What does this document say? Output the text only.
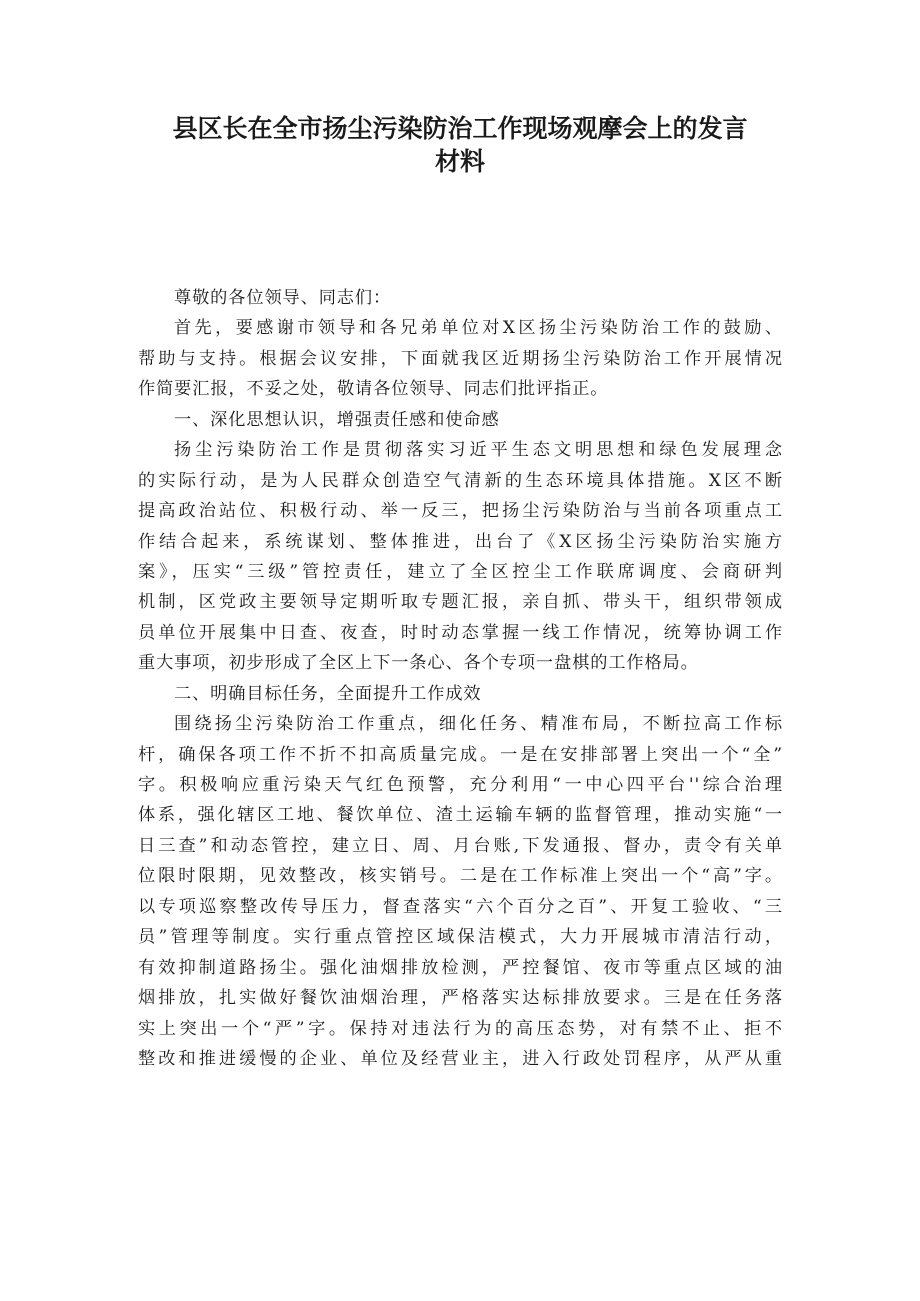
县区长在全市扬尘污染防治工作现场观摩会上的发言
材料
尊敬的各位领导、同志们：
首先，要感谢市领导和各兄弟单位对X区扬尘污染防治工作的鼓励、
帮助与支持。根据会议安排，下面就我区近期扬尘污染防治工作开展情况
作简要汇报，不妥之处，敬请各位领导、同志们批评指正。
一、深化思想认识，增强责任感和使命感
扬尘污染防治工作是贯彻落实习近平生态文明思想和绿色发展理念
的实际行动，是为人民群众创造空气清新的生态环境具体措施。X区不断
提高政治站位、积极行动、举一反三，把扬尘污染防治与当前各项重点工
作结合起来，系统谋划、整体推进，出台了《X区扬尘污染防治实施方
案》，压实“三级”管控责任，建立了全区控尘工作联席调度、会商研判
机制，区党政主要领导定期听取专题汇报，亲自抓、带头干，组织带领成
员单位开展集中日查、夜查，时时动态掌握一线工作情况，统筹协调工作
重大事项，初步形成了全区上下一条心、各个专项一盘棋的工作格局。
二、明确目标任务，全面提升工作成效
围绕扬尘污染防治工作重点，细化任务、精准布局，不断拉高工作标
杆，确保各项工作不折不扣高质量完成。一是在安排部署上突出一个“全”
字。积极响应重污染天气红色预警，充分利用“一中心四平台''综合治理
体系，强化辖区工地、餐饮单位、渣土运输车辆的监督管理，推动实施“一
日三查”和动态管控，建立日、周、月台账,下发通报、督办，责令有关单
位限时限期，见效整改，核实销号。二是在工作标准上突出一个“高”字。
以专项巡察整改传导压力，督查落实“六个百分之百”、开复工验收、“三
员”管理等制度。实行重点管控区域保洁模式，大力开展城市清洁行动，
有效抑制道路扬尘。强化油烟排放检测，严控餐馆、夜市等重点区域的油
烟排放，扎实做好餐饮油烟治理，严格落实达标排放要求。三是在任务落
实上突出一个“严”字。保持对违法行为的高压态势，对有禁不止、拒不
整改和推进缓慢的企业、单位及经营业主，进入行政处罚程序，从严从重
